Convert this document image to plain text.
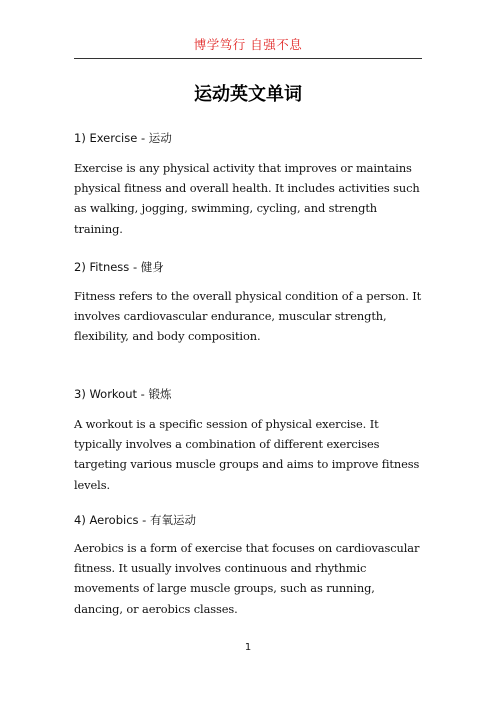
博学笃行 自强不息
运动英文单词
1) Exercise - 运动
Exercise is any physical activity that improves or maintains physical fitness and overall health. It includes activities such as walking, jogging, swimming, cycling, and strength training.
2) Fitness - 健身
Fitness refers to the overall physical condition of a person. It involves cardiovascular endurance, muscular strength, flexibility, and body composition.
3) Workout - 锻炼
A workout is a specific session of physical exercise. It typically involves a combination of different exercises targeting various muscle groups and aims to improve fitness levels.
4) Aerobics - 有氧运动
Aerobics is a form of exercise that focuses on cardiovascular fitness. It usually involves continuous and rhythmic movements of large muscle groups, such as running, dancing, or aerobics classes.
1
